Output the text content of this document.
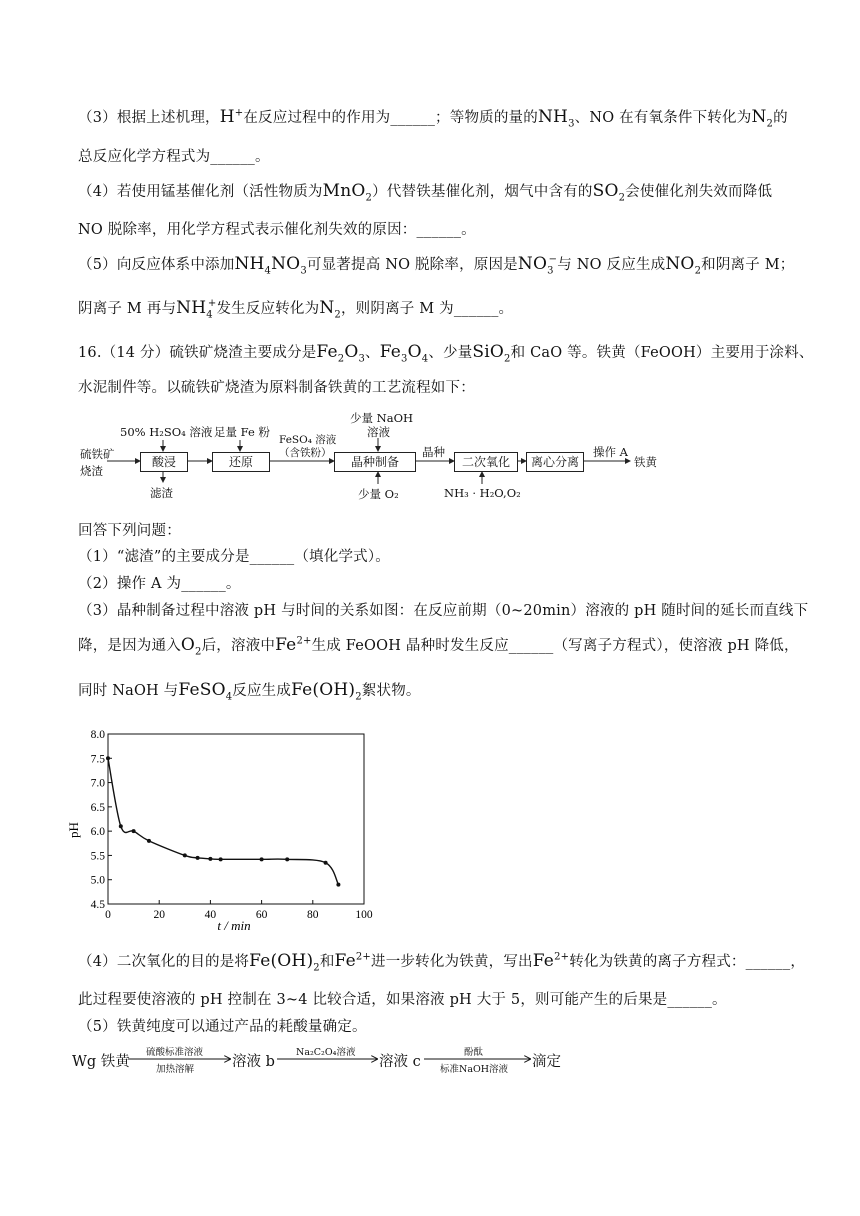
（3）根据上述机理，H+在反应过程中的作用为______；等物质的量的$NH_3$、NO 在有氧条件下转化为$N_2$的
总反应化学方程式为______。
（4）若使用锰基催化剂（活性物质为MnO$_2$）代替铁基催化剂，烟气中含有的$SO_2$会使催化剂失效而降低
NO 脱除率，用化学方程式表示催化剂失效的原因：______。
（5）向反应体系中添加$NH_4NO_3$可显著提高 NO 脱除率，原因是$NO_3^-$与 NO 反应生成$NO_2$和阴离子 M；
阴离子 M 再与$NH_4^+$发生反应转化为$N_2$，则阴离子 M 为______。
16.（14 分）硫铁矿烧渣主要成分是$Fe_2O_3$、$Fe_3O_4$、少量SiO$_2$和 CaO 等。铁黄（FeOOH）主要用于涂料、
水泥制件等。以硫铁矿烧渣为原料制备铁黄的工艺流程如下：
硫铁矿
烧渣
50% H₂SO₄ 溶液 足量 Fe 粉
FeSO₄ 溶液
（含铁粉）
少量 NaOH
溶液
酸浸	还原	晶种制备	二次氧化	离心分离
滤渣
晶种
少量 O₂	NH₃ · H₂O,O₂
操作 A
铁黄
回答下列问题：
（1）“滤渣”的主要成分是______（填化学式）。
（2）操作 A 为______。
（3）晶种制备过程中溶液 pH 与时间的关系如图：在反应前期（0~20min）溶液的 pH 随时间的延长而直线下
降，是因为通入$O_2$后，溶液中$Fe^{2+}$生成 FeOOH 晶种时发生反应______（写离子方程式），使溶液 pH 降低，
同时 NaOH 与FeSO$_4$反应生成$Fe(OH)_2$絮状物。
0	20	40	60	80	100
4.5
5.0
5.5
6.0
6.5
7.0
7.5
8.0
t / min
pH
（4）二次氧化的目的是将$Fe(OH)_2$和$Fe^{2+}$进一步转化为铁黄，写出$Fe^{2+}$转化为铁黄的离子方程式：______，
此过程要使溶液的 pH 控制在 3~4 比较合适，如果溶液 pH 大于 5，则可能产生的后果是______。
（5）铁黄纯度可以通过产品的耗酸量确定。
Wg 铁黄
硫酸标准溶液
加热溶解	溶液 b
Na₂C₂O₄溶液
溶液 c
酚酞
标准NaOH溶液 滴定
